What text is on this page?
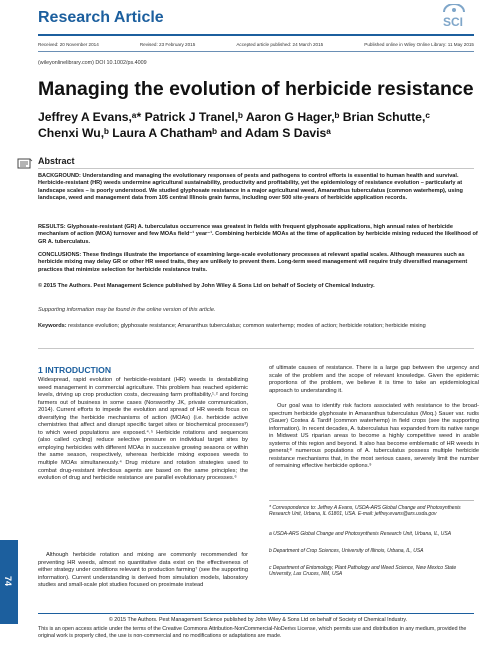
Research Article	SCI
Received: 20 November 2014	Revised: 23 February 2015	Accepted article published: 24 March 2015	Published online in Wiley Online Library: 11 May 2015
(wileyonlinelibrary.com) DOI 10.1002/ps.4009
Managing the evolution of herbicide resistance
Jeffrey A Evans,ᵃ* Patrick J Tranel,ᵇ Aaron G Hager,ᵇ Brian Schutte,ᶜ
Chenxi Wu,ᵇ Laura A Chathamᵇ and Adam S Davisᵃ
Abstract
BACKGROUND: Understanding and managing the evolutionary responses of pests and pathogens to control efforts is essential to human health and survival. Herbicide-resistant (HR) weeds undermine agricultural sustainability, productivity and profitability, yet the epidemiology of resistance evolution – particularly at landscape scales – is poorly understood. We studied glyphosate resistance in a major agricultural weed, Amaranthus tuberculatus (common waterhemp), using landscape, weed and management data from 105 central Illinois grain farms, including over 500 site-years of herbicide application records.
RESULTS: Glyphosate-resistant (GR) A. tuberculatus occurrence was greatest in fields with frequent glyphosate applications, high annual rates of herbicide mechanism of action (MOA) turnover and few MOAs field⁻¹ year⁻¹. Combining herbicide MOAs at the time of application by herbicide mixing reduced the likelihood of GR A. tuberculatus.
CONCLUSIONS: These findings illustrate the importance of examining large-scale evolutionary processes at relevant spatial scales. Although measures such as herbicide mixing may delay GR or other HR weed traits, they are unlikely to prevent them. Long-term weed management will require truly diversified management practices that minimize selection for herbicide resistance traits.
© 2015 The Authors. Pest Management Science published by John Wiley & Sons Ltd on behalf of Society of Chemical Industry.
Supporting information may be found in the online version of this article.
Keywords: resistance evolution; glyphosate resistance; Amaranthus tuberculatus; common waterhemp; modes of action; herbicide rotation; herbicide mixing
1 INTRODUCTION
Widespread, rapid evolution of herbicide-resistant (HR) weeds is destabilizing weed management in commercial agriculture. This problem has reached epidemic levels, driving up crop production costs, decreasing farm profitability,¹˒² and forcing farmers out of business in some cases (Norsworthy JK, private communication, 2014). Current efforts to impede the evolution and spread of HR weeds focus on diversifying the herbicide mechanisms of action (MOAs) (i.e. herbicide active chemistries that affect and disrupt specific target sites or biochemical processes³) to which weed populations are exposed.⁴˒⁵ Herbicide rotations and sequences (also called cycling) reduce selective pressure on individual target sites by employing herbicides with different MOAs in successive growing seasons or within the same season, respectively, whereas herbicide mixing exposes weeds to multiple MOAs simultaneously.⁴ Drug mixture and rotation strategies used to combat drug-resistant infectious agents are based on the same principles; the evolution of drug and herbicide resistance are parallel evolutionary processes.⁶
Although herbicide rotation and mixing are commonly recommended for preventing HR weeds, almost no quantitative data exist on the effectiveness of either strategy under conditions relevant to production farming⁷ (see the supporting information). Current understanding is derived from simulation models, laboratory studies and small-scale plot studies focused on proximate instead
of ultimate causes of resistance. There is a large gap between the urgency and scale of the problem and the scope of relevant knowledge. Given the epidemic proportions of the problem, we believe it is time to take an epidemiological approach to understanding it.
Our goal was to identify risk factors associated with resistance to the broad-spectrum herbicide glyphosate in Amaranthus tuberculatus (Moq.) Sauer var. rudis (Sauer) Costea & Tardif (common waterhemp) in field crops (see the supporting information). In recent decades, A. tuberculatus has expanded from its native range in Midwest US riparian areas to become a highly competitive weed in arable systems of this region and beyond. It also has become emblematic of HR weeds in general;⁸ numerous populations of A. tuberculatus possess multiple herbicide resistance mechanisms that, in the most serious cases, severely limit the number of remaining effective herbicide options.⁹
* Correspondence to: Jeffrey A Evans, USDA-ARS Global Change and Photosynthesis Research Unit, Urbana, IL 61801, USA. E-mail: jeffrey.evans@ars.usda.gov
a USDA-ARS Global Change and Photosynthesis Research Unit, Urbana, IL, USA
b Department of Crop Sciences, University of Illinois, Urbana, IL, USA
c Department of Entomology, Plant Pathology and Weed Science, New Mexico State University, Las Cruces, NM, USA
74
© 2015 The Authors. Pest Management Science published by John Wiley & Sons Ltd on behalf of Society of Chemical Industry.
This is an open access article under the terms of the Creative Commons Attribution-NonCommercial-NoDerivs License, which permits use and distribution in any medium, provided the original work is properly cited, the use is non-commercial and no modifications or adaptations are made.
